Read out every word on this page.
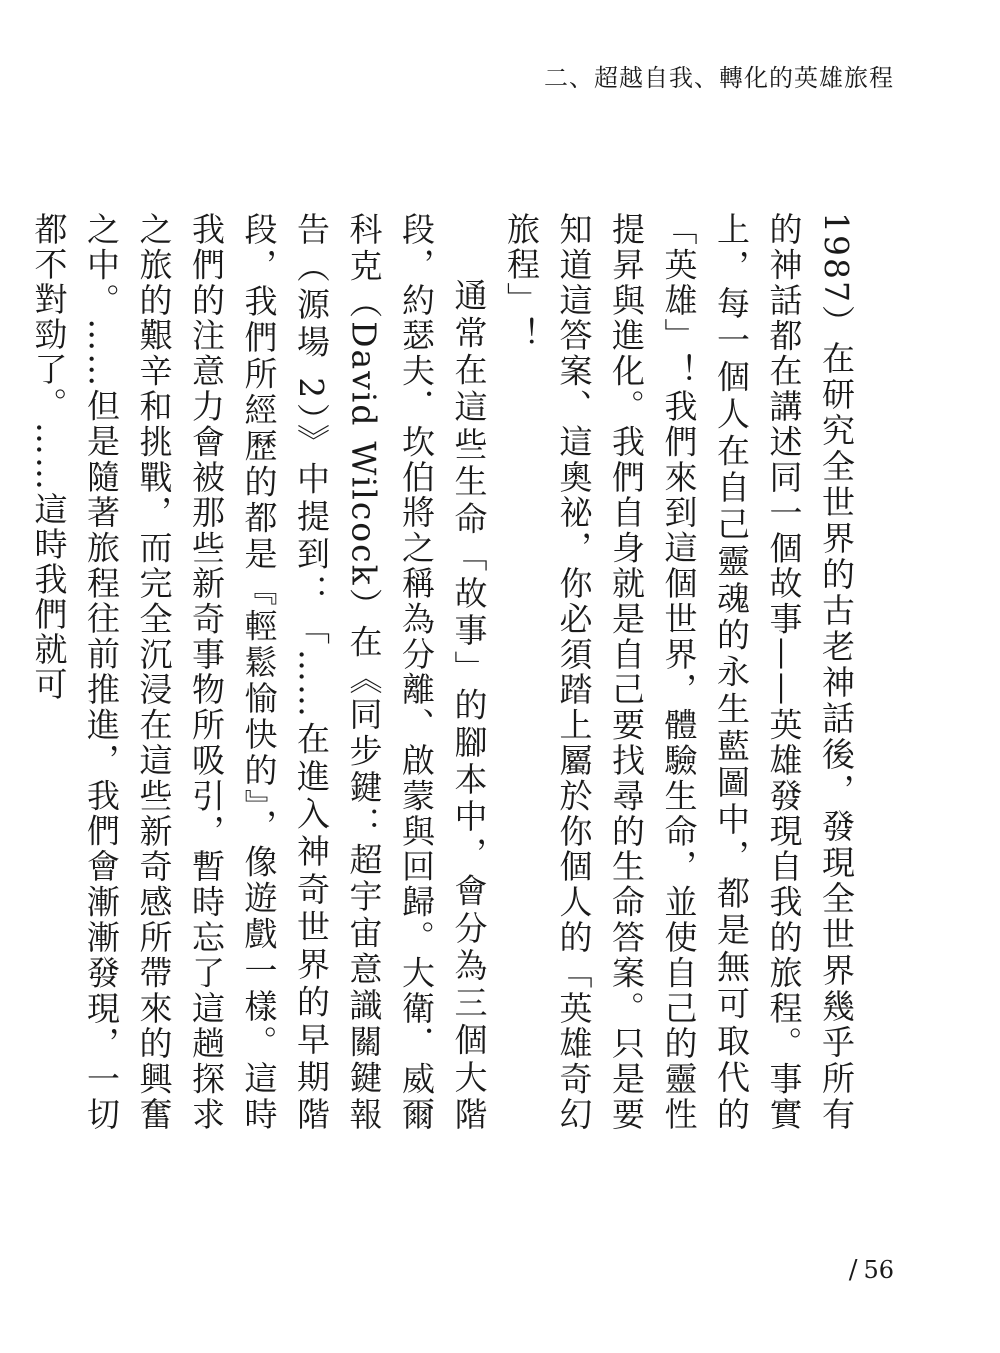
二、超越自我、轉化的英雄旅程

1987）在研究全世界的古老神話後，發現全世界幾乎所有的神話都在講述同一個故事——英雄發現自我的旅程。事實上，每一個人在自己靈魂的永生藍圖中，都是無可取代的「英雄」！我們來到這個世界，體驗生命，並使自己的靈性提昇與進化。我們自身就是自己要找尋的生命答案。只是要知道這答案、這奧祕，你必須踏上屬於你個人的「英雄奇幻旅程」！

通常在這些生命「故事」的腳本中，會分為三個大階段，約瑟夫．坎伯將之稱為分離、啟蒙與回歸。大衛．威爾科克（David Wilcock）在《同步鍵：超宇宙意識關鍵報告（源場 2）》中提到：「……在進入神奇世界的早期階段，我們所經歷的都是『輕鬆愉快的』，像遊戲一樣。這時我們的注意力會被那些新奇事物所吸引，暫時忘了這趟探求之旅的艱辛和挑戰，而完全沉浸在這些新奇感所帶來的興奮之中。……但是隨著旅程往前推進，我們會漸漸發現，一切都不對勁了。……這時我們就可

/ 56
